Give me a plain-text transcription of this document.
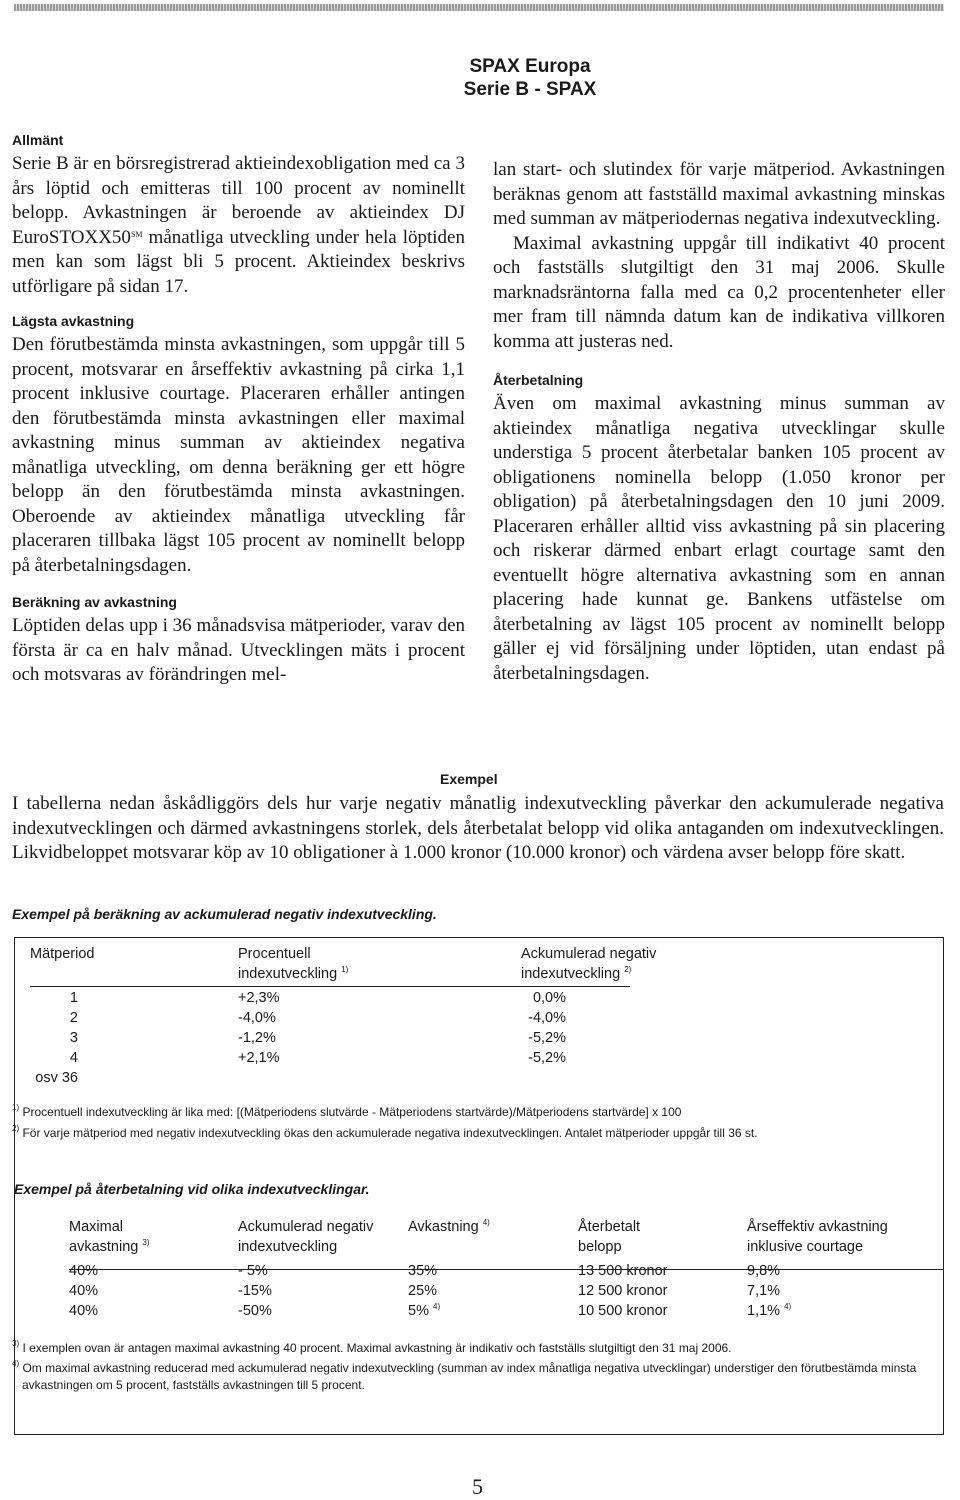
SPAX Europa
Serie B - SPAX
Allmänt
Serie B är en börsregistrerad aktieindexobligation med ca 3 års löptid och emitteras till 100 procent av nominellt belopp. Avkastningen är beroende av aktieindex DJ EuroSTOXX50℠ månatliga utveckling under hela löptiden men kan som lägst bli 5 procent. Aktieindex beskrivs utförligare på sidan 17.
Lägsta avkastning
Den förutbestämda minsta avkastningen, som uppgår till 5 procent, motsvarar en årseffektiv avkastning på cirka 1,1 procent inklusive courtage. Placeraren erhåller antingen den förutbestämda minsta avkastningen eller maximal avkastning minus summan av aktieindex negativa månatliga utveckling, om denna beräkning ger ett högre belopp än den förutbestämda minsta avkastningen. Oberoende av aktieindex månatliga utveckling får placeraren tillbaka lägst 105 procent av nominellt belopp på återbetalningsdagen.
Beräkning av avkastning
Löptiden delas upp i 36 månadsvisa mätperioder, varav den första är ca en halv månad. Utvecklingen mäts i procent och motsvaras av förändringen mel-
lan start- och slutindex för varje mätperiod. Avkastningen beräknas genom att fastställd maximal avkastning minskas med summan av mätperiodernas negativa indexutveckling.
Maximal avkastning uppgår till indikativt 40 procent och fastställs slutgiltigt den 31 maj 2006. Skulle marknadsräntorna falla med ca 0,2 procentenheter eller mer fram till nämnda datum kan de indikativa villkoren komma att justeras ned.
Återbetalning
Även om maximal avkastning minus summan av aktieindex månatliga negativa utvecklingar skulle understiga 5 procent återbetalar banken 105 procent av obligationens nominella belopp (1.050 kronor per obligation) på återbetalningsdagen den 10 juni 2009. Placeraren erhåller alltid viss avkastning på sin placering och riskerar därmed enbart erlagt courtage samt den eventuellt högre alternativa avkastning som en annan placering hade kunnat ge. Bankens utfästelse om återbetalning av lägst 105 procent av nominellt belopp gäller ej vid försäljning under löptiden, utan endast på återbetalningsdagen.
Exempel
I tabellerna nedan åskådliggörs dels hur varje negativ månatlig indexutveckling påverkar den ackumulerade negativa indexutvecklingen och därmed avkastningens storlek, dels återbetalat belopp vid olika antaganden om indexutvecklingen. Likvidbeloppet motsvarar köp av 10 obligationer à 1.000 kronor (10.000 kronor) och värdena avser belopp före skatt.
Exempel på beräkning av ackumulerad negativ indexutveckling.
Mätperiod	Procentuell
indexutveckling $^{1)}$
Ackumulerad negativ
indexutveckling $^{2)}$
1
2
3
4
osv 36
+2,3%
-4,0%
-1,2%
+2,1%
0,0%
-4,0%
-5,2%
-5,2%
$^{1)}$ Procentuell indexutveckling är lika med: [(Mätperiodens slutvärde - Mätperiodens startvärde)/Mätperiodens startvärde] x 100
$^{2)}$ För varje mätperiod med negativ indexutveckling ökas den ackumulerade negativa indexutvecklingen. Antalet mätperioder uppgår till 36 st.
Exempel på återbetalning vid olika indexutvecklingar.
Maximal
avkastning $^{3)}$
Ackumulerad negativ
indexutveckling
Avkastning $^{4)}$	Återbetalt
belopp
Årseffektiv avkastning
inklusive courtage
40%
40%
40%
- 5%
-15%
-50%
35%
25%
5% $^{4)}$
13 500 kronor
12 500 kronor
10 500 kronor
9,8%
7,1%
1,1% $^{4)}$
$^{3)}$ I exemplen ovan är antagen maximal avkastning 40 procent. Maximal avkastning är indikativ och fastställs slutgiltigt den 31 maj 2006.
$^{4)}$ Om maximal avkastning reducerad med ackumulerad negativ indexutveckling (summan av index månatliga negativa utvecklingar) understiger den förutbestämda minsta avkastningen om 5 procent, fastställs avkastningen till 5 procent.
5
